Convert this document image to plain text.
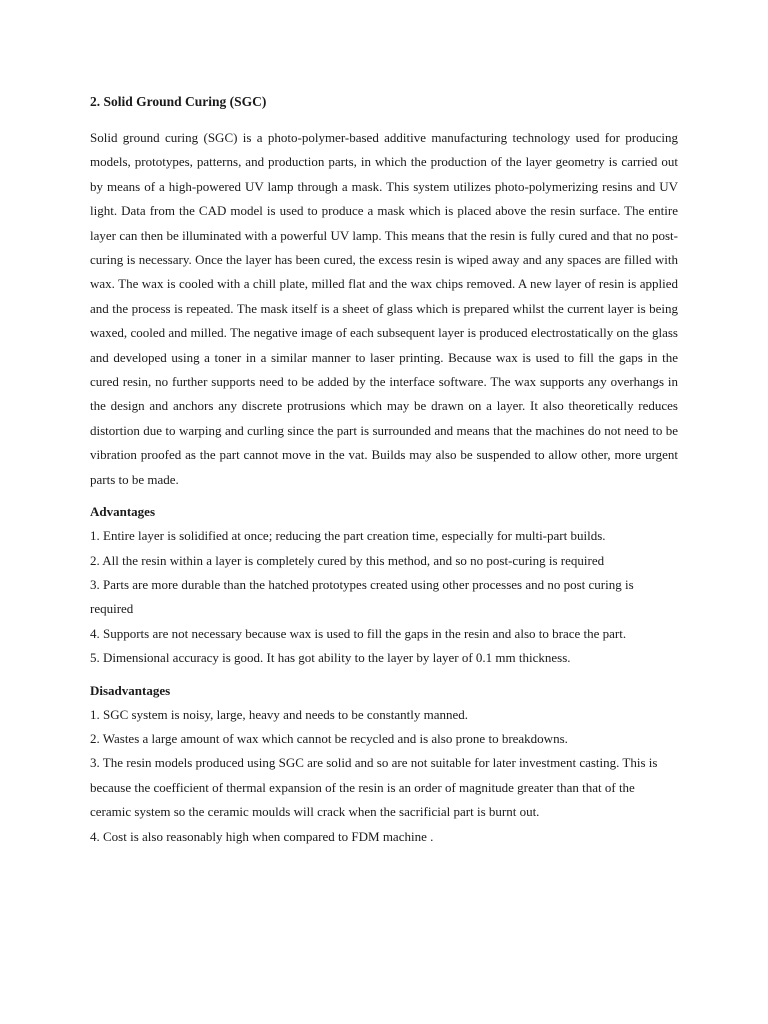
2. Solid Ground Curing (SGC)

Solid ground curing (SGC) is a photo-polymer-based additive manufacturing technology used for producing models, prototypes, patterns, and production parts, in which the production of the layer geometry is carried out by means of a high-powered UV lamp through a mask. This system utilizes photo-polymerizing resins and UV light. Data from the CAD model is used to produce a mask which is placed above the resin surface. The entire layer can then be illuminated with a powerful UV lamp. This means that the resin is fully cured and that no post-curing is necessary. Once the layer has been cured, the excess resin is wiped away and any spaces are filled with wax. The wax is cooled with a chill plate, milled flat and the wax chips removed. A new layer of resin is applied and the process is repeated. The mask itself is a sheet of glass which is prepared whilst the current layer is being waxed, cooled and milled. The negative image of each subsequent layer is produced electrostatically on the glass and developed using a toner in a similar manner to laser printing. Because wax is used to fill the gaps in the cured resin, no further supports need to be added by the interface software. The wax supports any overhangs in the design and anchors any discrete protrusions which may be drawn on a layer. It also theoretically reduces distortion due to warping and curling since the part is surrounded and means that the machines do not need to be vibration proofed as the part cannot move in the vat. Builds may also be suspended to allow other, more urgent parts to be made.

Advantages
1. Entire layer is solidified at once; reducing the part creation time, especially for multi-part builds.
2. All the resin within a layer is completely cured by this method, and so no post-curing is required
3. Parts are more durable than the hatched prototypes created using other processes and no post curing is required
4. Supports are not necessary because wax is used to fill the gaps in the resin and also to brace the part.
5. Dimensional accuracy is good. It has got ability to the layer by layer of 0.1 mm thickness.
Disadvantages
1. SGC system is noisy, large, heavy and needs to be constantly manned.
2. Wastes a large amount of wax which cannot be recycled and is also prone to breakdowns.
3. The resin models produced using SGC are solid and so are not suitable for later investment casting. This is because the coefficient of thermal expansion of the resin is an order of magnitude greater than that of the ceramic system so the ceramic moulds will crack when the sacrificial part is burnt out.
4. Cost is also reasonably high when compared to FDM machine .
